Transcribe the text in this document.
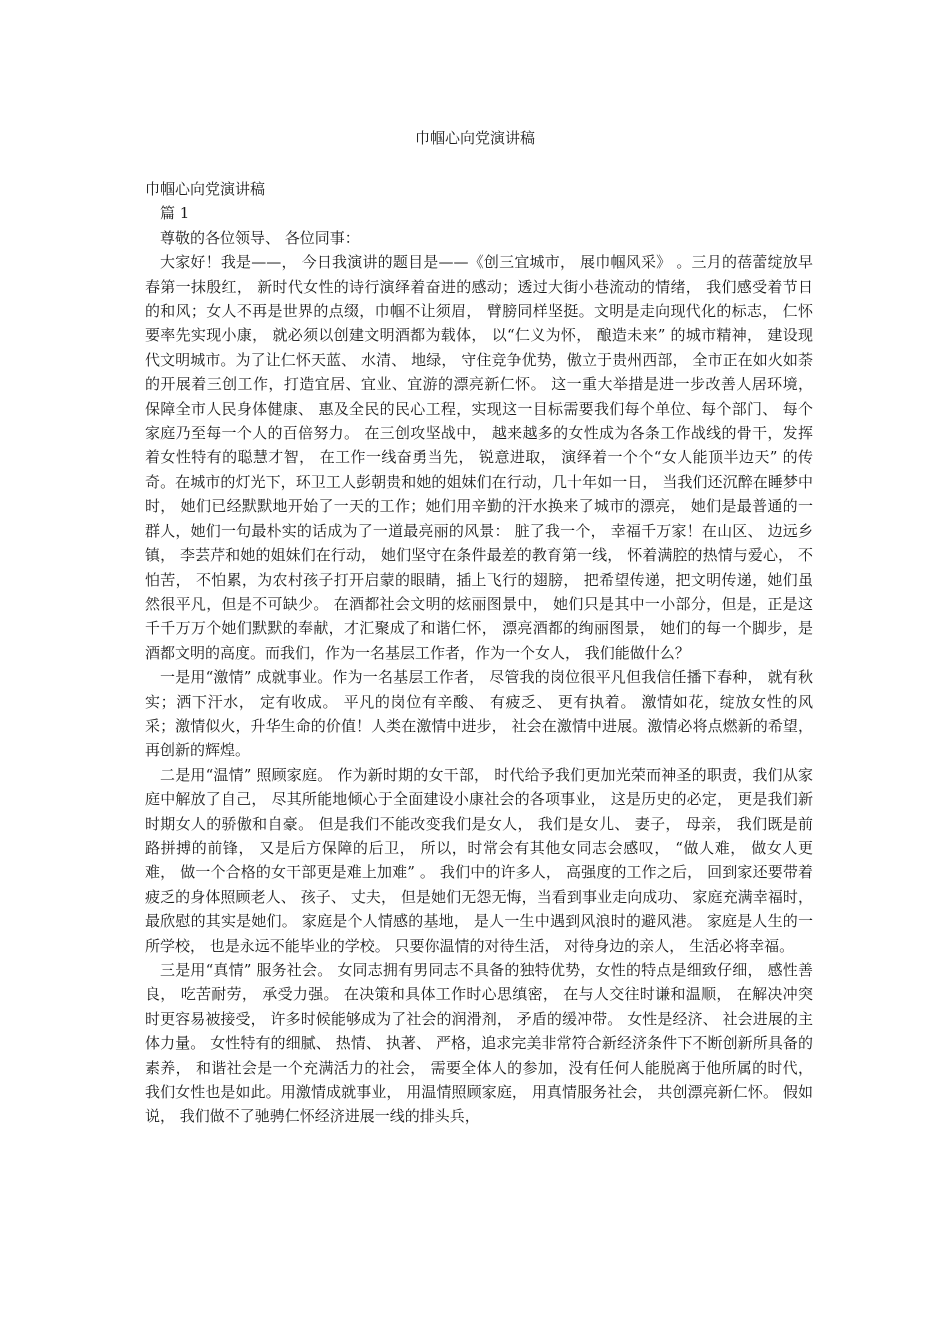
巾帼心向党演讲稿

巾帼心向党演讲稿

篇 1

尊敬的各位领导、 各位同事：

大家好！我是——， 今日我演讲的题目是——《创三宜城市， 展巾帼风采》 。三月的蓓蕾绽放早春第一抹殷红， 新时代女性的诗行演绎着奋进的感动；透过大街小巷流动的情绪， 我们感受着节日的和风；女人不再是世界的点缀，巾帼不让须眉， 臂膀同样坚挺。文明是走向现代化的标志， 仁怀要率先实现小康， 就必须以创建文明酒都为载体， 以“仁义为怀， 酿造未来” 的城市精神， 建设现代文明城市。为了让仁怀天蓝、 水清、 地绿， 守住竞争优势，傲立于贵州西部， 全市正在如火如荼的开展着三创工作，打造宜居、宜业、宜游的漂亮新仁怀。 这一重大举措是进一步改善人居环境， 保障全市人民身体健康、 惠及全民的民心工程，实现这一目标需要我们每个单位、每个部门、 每个家庭乃至每一个人的百倍努力。 在三创攻坚战中， 越来越多的女性成为各条工作战线的骨干，发挥着女性特有的聪慧才智， 在工作一线奋勇当先， 锐意进取， 演绎着一个个“女人能顶半边天” 的传奇。在城市的灯光下，环卫工人彭朝贵和她的姐妹们在行动，几十年如一日， 当我们还沉醉在睡梦中时， 她们已经默默地开始了一天的工作；她们用辛勤的汗水换来了城市的漂亮， 她们是最普通的一群人，她们一句最朴实的话成为了一道最亮丽的风景： 脏了我一个， 幸福千万家！在山区、 边远乡镇， 李芸芹和她的姐妹们在行动， 她们坚守在条件最差的教育第一线， 怀着满腔的热情与爱心， 不怕苦， 不怕累，为农村孩子打开启蒙的眼睛，插上飞行的翅膀， 把希望传递，把文明传递，她们虽然很平凡，但是不可缺少。 在酒都社会文明的炫丽图景中， 她们只是其中一小部分，但是，正是这千千万万个她们默默的奉献，才汇聚成了和谐仁怀， 漂亮酒都的绚丽图景， 她们的每一个脚步，是酒都文明的高度。而我们，作为一名基层工作者，作为一个女人， 我们能做什么？

一是用“激情” 成就事业。作为一名基层工作者， 尽管我的岗位很平凡但我信任播下春种， 就有秋实；洒下汗水， 定有收成。 平凡的岗位有辛酸、 有疲乏、 更有执着。 激情如花，绽放女性的风采；激情似火，升华生命的价值！人类在激情中进步， 社会在激情中进展。激情必将点燃新的希望， 再创新的辉煌。

二是用“温情” 照顾家庭。 作为新时期的女干部， 时代给予我们更加光荣而神圣的职责，我们从家庭中解放了自己， 尽其所能地倾心于全面建设小康社会的各项事业， 这是历史的必定， 更是我们新时期女人的骄傲和自豪。 但是我们不能改变我们是女人， 我们是女儿、 妻子， 母亲， 我们既是前路拼搏的前锋， 又是后方保障的后卫， 所以，时常会有其他女同志会感叹， “做人难， 做女人更难， 做一个合格的女干部更是难上加难” 。 我们中的许多人， 高强度的工作之后， 回到家还要带着疲乏的身体照顾老人、 孩子、 丈夫， 但是她们无怨无悔，当看到事业走向成功、 家庭充满幸福时， 最欣慰的其实是她们。 家庭是个人情感的基地， 是人一生中遇到风浪时的避风港。 家庭是人生的一所学校， 也是永远不能毕业的学校。 只要你温情的对待生活， 对待身边的亲人， 生活必将幸福。

三是用“真情” 服务社会。 女同志拥有男同志不具备的独特优势，女性的特点是细致仔细， 感性善良， 吃苦耐劳， 承受力强。 在决策和具体工作时心思缜密， 在与人交往时谦和温顺， 在解决冲突时更容易被接受， 许多时候能够成为了社会的润滑剂， 矛盾的缓冲带。 女性是经济、 社会进展的主体力量。 女性特有的细腻、 热情、 执著、 严格，追求完美非常符合新经济条件下不断创新所具备的素养， 和谐社会是一个充满活力的社会， 需要全体人的参加，没有任何人能脱离于他所属的时代， 我们女性也是如此。用激情成就事业， 用温情照顾家庭， 用真情服务社会， 共创漂亮新仁怀。 假如说， 我们做不了驰骋仁怀经济进展一线的排头兵，
